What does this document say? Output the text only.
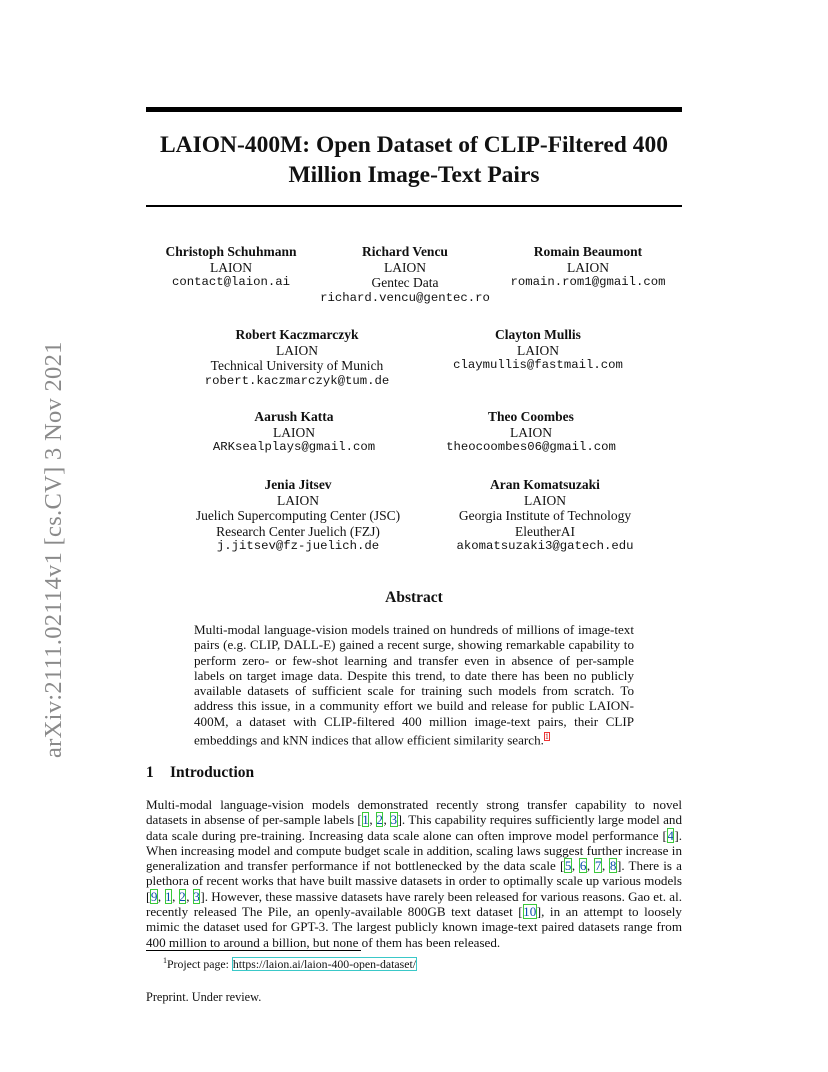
arXiv:2111.02114v1 [cs.CV] 3 Nov 2021
LAION-400M: Open Dataset of CLIP-Filtered 400
Million Image-Text Pairs
Christoph Schuhmann
LAION
contact@laion.ai
Richard Vencu
LAION
Gentec Data
richard.vencu@gentec.ro
Romain Beaumont
LAION
romain.rom1@gmail.com
Robert Kaczmarczyk
LAION
Technical University of Munich
robert.kaczmarczyk@tum.de
Clayton Mullis
LAION
claymullis@fastmail.com
Aarush Katta
LAION
ARKsealplays@gmail.com
Theo Coombes
LAION
theocoombes06@gmail.com
Jenia Jitsev
LAION
Juelich Supercomputing Center (JSC)
Research Center Juelich (FZJ)
j.jitsev@fz-juelich.de
Aran Komatsuzaki
LAION
Georgia Institute of Technology
EleutherAI
akomatsuzaki3@gatech.edu
Abstract
Multi-modal language-vision models trained on hundreds of millions of image-text pairs (e.g. CLIP, DALL-E) gained a recent surge, showing remarkable capability to perform zero- or few-shot learning and transfer even in absence of per-sample labels on target image data. Despite this trend, to date there has been no publicly available datasets of sufficient scale for training such models from scratch. To address this issue, in a community effort we build and release for public LAION-400M, a dataset with CLIP-filtered 400 million image-text pairs, their CLIP embeddings and kNN indices that allow efficient similarity search.$^1$
1 Introduction
Multi-modal language-vision models demonstrated recently strong transfer capability to novel datasets in absense of per-sample labels [1, 2, 3]. This capability requires sufficiently large model and data scale during pre-training. Increasing data scale alone can often improve model performance [4]. When increasing model and compute budget scale in addition, scaling laws suggest further increase in generalization and transfer performance if not bottlenecked by the data scale [5, 6, 7, 8]. There is a plethora of recent works that have built massive datasets in order to optimally scale up various models [9, 1, 2, 3]. However, these massive datasets have rarely been released for various reasons. Gao et. al. recently released The Pile, an openly-available 800GB text dataset [10], in an attempt to loosely mimic the dataset used for GPT-3. The largest publicly known image-text paired datasets range from 400 million to around a billion, but none of them has been released.
$^1$Project page: https://laion.ai/laion-400-open-dataset/
Preprint. Under review.
